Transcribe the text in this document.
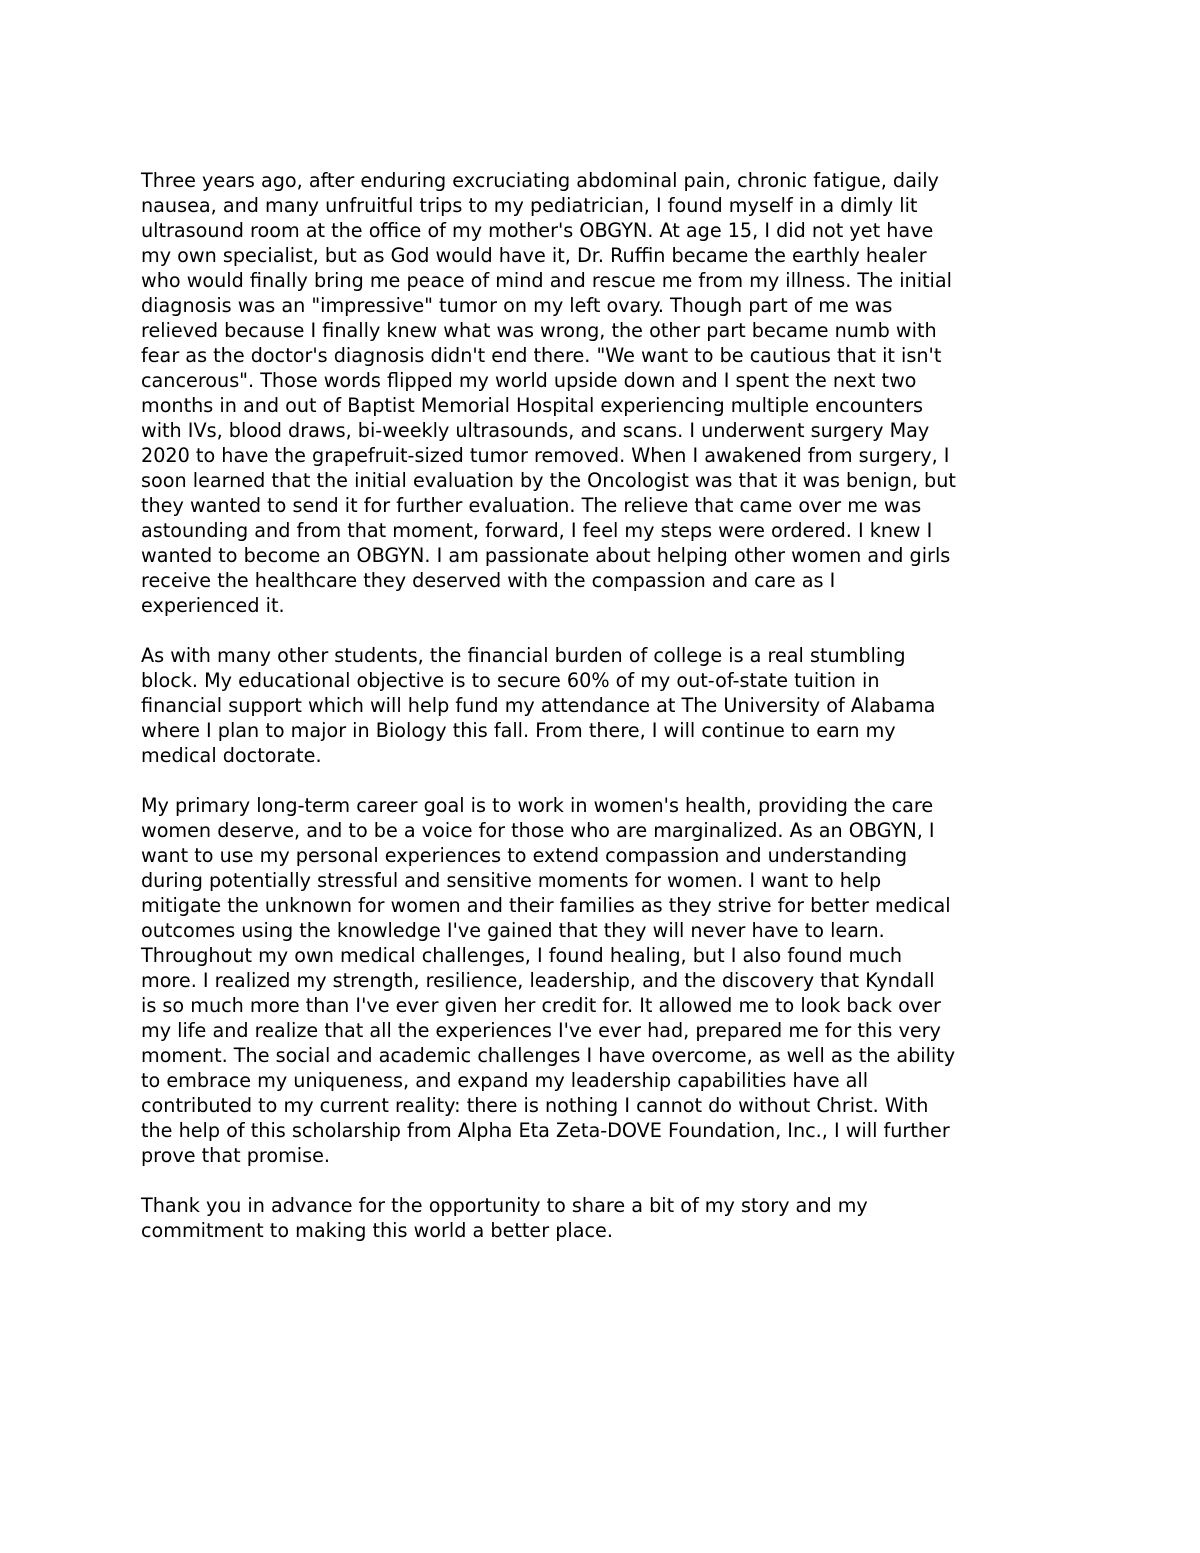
Three years ago, after enduring excruciating abdominal pain, chronic fatigue, daily
nausea, and many unfruitful trips to my pediatrician, I found myself in a dimly lit
ultrasound room at the office of my mother's OBGYN. At age 15, I did not yet have
my own specialist, but as God would have it, Dr. Ruffin became the earthly healer
who would finally bring me peace of mind and rescue me from my illness. The initial
diagnosis was an "impressive" tumor on my left ovary. Though part of me was
relieved because I finally knew what was wrong, the other part became numb with
fear as the doctor's diagnosis didn't end there. "We want to be cautious that it isn't
cancerous". Those words flipped my world upside down and I spent the next two
months in and out of Baptist Memorial Hospital experiencing multiple encounters
with IVs, blood draws, bi-weekly ultrasounds, and scans. I underwent surgery May
2020 to have the grapefruit-sized tumor removed. When I awakened from surgery, I
soon learned that the initial evaluation by the Oncologist was that it was benign, but
they wanted to send it for further evaluation. The relieve that came over me was
astounding and from that moment, forward, I feel my steps were ordered. I knew I
wanted to become an OBGYN. I am passionate about helping other women and girls
receive the healthcare they deserved with the compassion and care as I
experienced it.

As with many other students, the financial burden of college is a real stumbling
block. My educational objective is to secure 60% of my out-of-state tuition in
financial support which will help fund my attendance at The University of Alabama
where I plan to major in Biology this fall. From there, I will continue to earn my
medical doctorate.

My primary long-term career goal is to work in women's health, providing the care
women deserve, and to be a voice for those who are marginalized. As an OBGYN, I
want to use my personal experiences to extend compassion and understanding
during potentially stressful and sensitive moments for women. I want to help
mitigate the unknown for women and their families as they strive for better medical
outcomes using the knowledge I've gained that they will never have to learn.
Throughout my own medical challenges, I found healing, but I also found much
more. I realized my strength, resilience, leadership, and the discovery that Kyndall
is so much more than I've ever given her credit for. It allowed me to look back over
my life and realize that all the experiences I've ever had, prepared me for this very
moment. The social and academic challenges I have overcome, as well as the ability
to embrace my uniqueness, and expand my leadership capabilities have all
contributed to my current reality: there is nothing I cannot do without Christ. With
the help of this scholarship from Alpha Eta Zeta-DOVE Foundation, Inc., I will further
prove that promise.

Thank you in advance for the opportunity to share a bit of my story and my
commitment to making this world a better place.
